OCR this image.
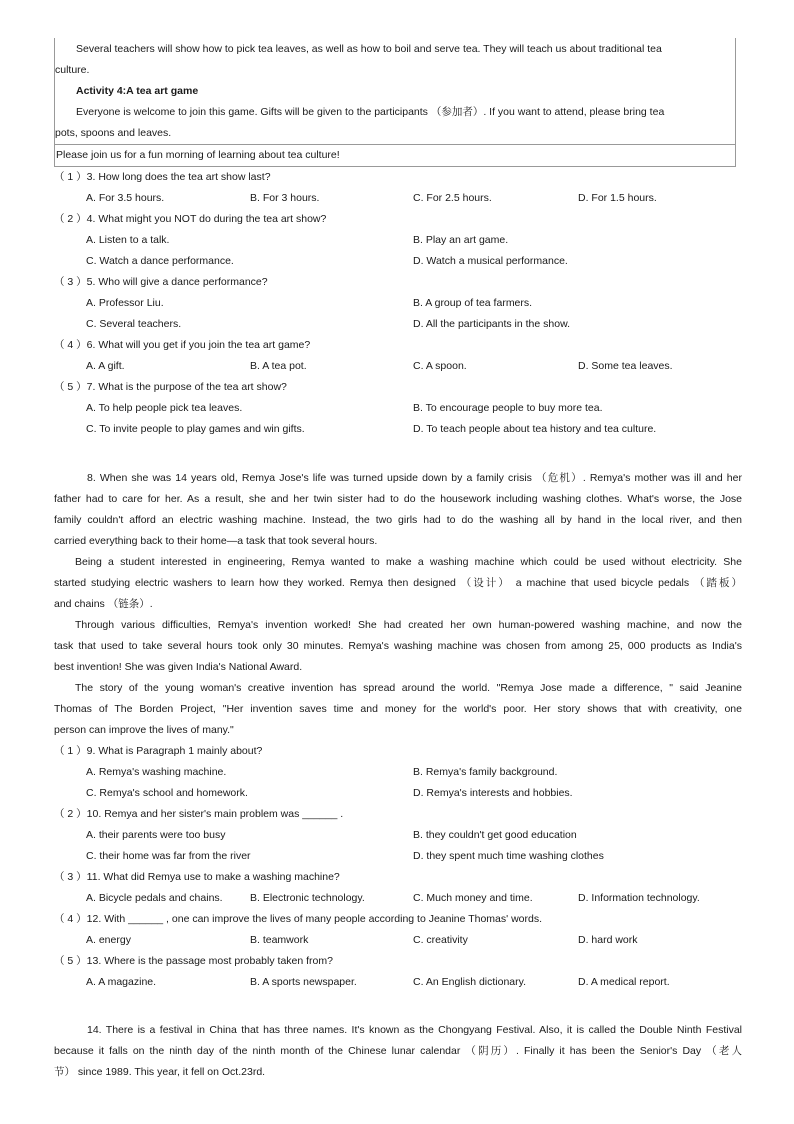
Several teachers will show how to pick tea leaves, as well as how to boil and serve tea. They will teach us about traditional tea
culture.
Activity 4:A tea art game
Everyone is welcome to join this game. Gifts will be given to the participants （参加者）. If you want to attend, please bring tea
pots, spoons and leaves.
Please join us for a fun morning of learning about tea culture!
（ 1 ）3. How long does the tea art show last?
A. For 3.5 hours.	B. For 3 hours.	C. For 2.5 hours.	D. For 1.5 hours.
（ 2 ）4. What might you NOT do during the tea art show?
A. Listen to a talk.	B. Play an art game.
C. Watch a dance performance.	D. Watch a musical performance.
（ 3 ）5. Who will give a dance performance?
A. Professor Liu.	B. A group of tea farmers.
C. Several teachers.	D. All the participants in the show.
（ 4 ）6. What will you get if you join the tea art game?
A. A gift.	B. A tea pot.	C. A spoon.	D. Some tea leaves.
（ 5 ）7. What is the purpose of the tea art show?
A. To help people pick tea leaves.	B. To encourage people to buy more tea.
C. To invite people to play games and win gifts.	D. To teach people about tea history and tea culture.
8. When she was 14 years old, Remya Jose's life was turned upside down by a family crisis （危机）. Remya's mother was ill and her
father had to care for her. As a result, she and her twin sister had to do the housework including washing clothes. What's worse, the Jose
family couldn't afford an electric washing machine. Instead, the two girls had to do the washing all by hand in the local river, and then
carried everything back to their home—a task that took several hours.
Being a student interested in engineering, Remya wanted to make a washing machine which could be used without electricity. She
started studying electric washers to learn how they worked. Remya then designed （设计） a machine that used bicycle pedals （踏板）
and chains （链条）.
Through various difficulties, Remya's invention worked! She had created her own human-powered washing machine, and now the
task that used to take several hours took only 30 minutes. Remya's washing machine was chosen from among 25, 000 products as India's
best invention! She was given India's National Award.
The story of the young woman's creative invention has spread around the world. "Remya Jose made a difference, " said Jeanine
Thomas of The Borden Project, "Her invention saves time and money for the world's poor. Her story shows that with creativity, one
person can improve the lives of many."
（ 1 ）9. What is Paragraph 1 mainly about?
A. Remya's washing machine.	B. Remya's family background.
C. Remya's school and homework.	D. Remya's interests and hobbies.
（ 2 ）10. Remya and her sister's main problem was ______ .
A. their parents were too busy	B. they couldn't get good education
C. their home was far from the river	D. they spent much time washing clothes
（ 3 ）11. What did Remya use to make a washing machine?
A. Bicycle pedals and chains.	B. Electronic technology.	C. Much money and time.	D. Information technology.
（ 4 ）12. With ______ , one can improve the lives of many people according to Jeanine Thomas' words.
A. energy	B. teamwork	C. creativity	D. hard work
（ 5 ）13. Where is the passage most probably taken from?
A. A magazine.	B. A sports newspaper.	C. An English dictionary.	D. A medical report.
14. There is a festival in China that has three names. It's known as the Chongyang Festival. Also, it is called the Double Ninth Festival
because it falls on the ninth day of the ninth month of the Chinese lunar calendar （阴历）. Finally it has been the Senior's Day （老人
节） since 1989. This year, it fell on Oct.23rd.
